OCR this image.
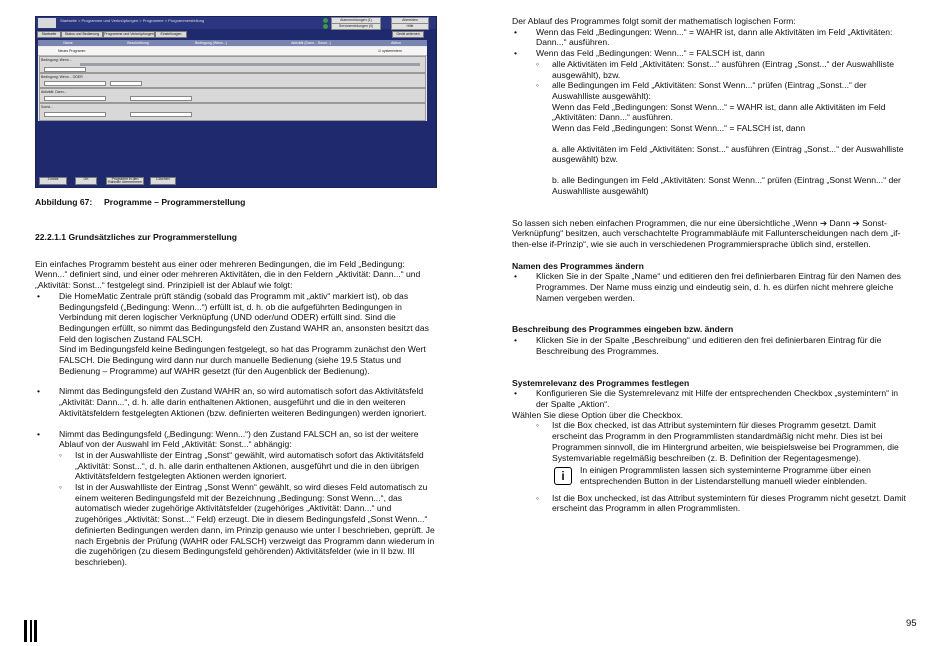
Startseite > Programme und Verknüpfungen > Programme > Programmerstellung	Alarmmeldungen (1)	Abmelden
Servicemeldungen (0)	Hilfe
Startseite	Status und Bedienung	Programme und Verknüpfungen	Einstellungen	Gerät anlernen
Name	Beschreibung	Bedingung (Wenn...)	Aktivität (Dann... Sonst...)	Aktion
Neues Programm	☑ systemintern
Bedingung: Wenn...
Bedingung: Wenn... ODER
Aktivität: Dann...
Sonst...
Zurück	OK	Programm in den Rahmen übernehmen
Löschen
Abbildung 67: Programme – Programmerstellung

22.2.1.1 Grundsätzliches zur Programmerstellung

Ein einfaches Programm besteht aus einer oder mehreren Bedingungen, die im Feld „Bedingung: Wenn...“ definiert sind, und einer oder mehreren Aktivitäten, die in den Feldern „Aktivität: Dann...“ und „Aktivität: Sonst...“ festgelegt sind. Prinzipiell ist der Ablauf wie folgt:

• Die HomeMatic Zentrale prüft ständig (sobald das Programm mit „aktiv“ markiert ist), ob das Bedingungsfeld („Bedingung: Wenn...“) erfüllt ist, d. h. ob die aufgeführten Bedingungen in Verbindung mit deren logischer Verknüpfung (UND oder/und ODER) erfüllt sind. Sind die Bedingungen erfüllt, so nimmt das Bedingungsfeld den Zustand WAHR an, ansonsten besitzt das Feld den logischen Zustand FALSCH.

Sind im Bedingungsfeld keine Bedingungen festgelegt, so hat das Programm zunächst den Wert FALSCH. Die Bedingung wird dann nur durch manuelle Bedienung (siehe 19.5 Status und Bedienung – Programme) auf WAHR gesetzt (für den Augenblick der Bedienung).

• Nimmt das Bedingungsfeld den Zustand WAHR an, so wird automatisch sofort das Aktivitätsfeld „Aktivität: Dann...“, d. h. alle darin enthaltenen Aktionen, ausgeführt und die in den weiteren Aktivitätsfeldern festgelegten Aktionen (bzw. definierten weiteren Bedingungen) werden ignoriert.

• Nimmt das Bedingungsfeld („Bedingung: Wenn...“) den Zustand FALSCH an, so ist der weitere Ablauf von der Auswahl im Feld „Aktivität: Sonst...“ abhängig:

◦ Ist in der Auswahlliste der Eintrag „Sonst“ gewählt, wird automatisch sofort das Aktivitätsfeld „Aktivität: Sonst...“, d. h. alle darin enthaltenen Aktionen, ausgeführt und die in den übrigen Aktivitätsfeldern festgelegten Aktionen werden ignoriert.

◦ Ist in der Auswahlliste der Eintrag „Sonst Wenn“ gewählt, so wird dieses Feld automatisch zu einem weiteren Bedingungsfeld mit der Bezeichnung „Bedingung: Sonst Wenn...“, das automatisch wieder zugehörige Aktivitätsfelder (zugehöriges „Aktivität: Dann...“ und zugehöriges „Aktivität: Sonst...“ Feld) erzeugt. Die in diesem Bedingungsfeld „Sonst Wenn...“ definierten Bedingungen werden dann, im Prinzip genauso wie unter I beschrieben, geprüft. Je nach Ergebnis der Prüfung (WAHR oder FALSCH) verzweigt das Programm dann wiederum in die zugehörigen (zu diesem Bedingungsfeld gehörenden) Aktivitätsfelder (wie in II bzw. III beschrieben).

Der Ablauf des Programmes folgt somit der mathematisch logischen Form:

• Wenn das Feld „Bedingungen: Wenn...“ = WAHR ist, dann alle Aktivitäten im Feld „Aktivitäten: Dann...“ ausführen.

• Wenn das Feld „Bedingungen: Wenn...“ = FALSCH ist, dann

◦ alle Aktivitäten im Feld „Aktivitäten: Sonst...“ ausführen (Eintrag „Sonst...“ der Auswahlliste ausgewählt), bzw.

◦ alle Bedingungen im Feld „Aktivitäten: Sonst Wenn...“ prüfen (Eintrag „Sonst...“ der Auswahlliste ausgewählt):

Wenn das Feld „Bedingungen: Sonst Wenn...“ = WAHR ist, dann alle Aktivitäten im Feld „Aktivitäten: Dann...“ ausführen.

Wenn das Feld „Bedingungen: Sonst Wenn...“ = FALSCH ist, dann

a. alle Aktivitäten im Feld „Aktivitäten: Sonst...“ ausführen (Eintrag „Sonst...“ der Auswahlliste ausgewählt) bzw.

b. alle Bedingungen im Feld „Aktivitäten: Sonst Wenn...“ prüfen (Eintrag „Sonst Wenn...“ der Auswahlliste ausgewählt)

So lassen sich neben einfachen Programmen, die nur eine übersichtliche „Wenn ➔ Dann ➔ Sonst-Verknüpfung“ besitzen, auch verschachtelte Programmabläufe mit Fallunterscheidungen nach dem „if-then-else if-Prinzip“, wie sie auch in verschiedenen Programmiersprache üblich sind, erstellen.

Namen des Programmes ändern

• Klicken Sie in der Spalte „Name“ und editieren den frei definierbaren Eintrag für den Namen des Programmes. Der Name muss einzig und eindeutig sein, d. h. es dürfen nicht mehrere gleiche Namen vergeben werden.

Beschreibung des Programmes eingeben bzw. ändern

• Klicken Sie in der Spalte „Beschreibung“ und editieren den frei definierbaren Eintrag für die Beschreibung des Programmes.

Systemrelevanz des Programmes festlegen

• Konfigurieren Sie die Systemrelevanz mit Hilfe der entsprechenden Checkbox „systemintern“ in der Spalte „Aktion“.

Wählen Sie diese Option über die Checkbox.

◦ Ist die Box checked, ist das Attribut systemintern für dieses Programm gesetzt. Damit erscheint das Programm in den Programmlisten standardmäßig nicht mehr. Dies ist bei Programmen sinnvoll, die im Hintergrund arbeiten, wie beispielsweise bei Programmen, die Systemvariable regelmäßig beschreiben (z. B. Definition der Regentagesmenge).

i	In einigen Programmlisten lassen sich systeminterne Programme über einen entsprechenden Button in der Listendarstellung manuell wieder einblenden.

◦ Ist die Box unchecked, ist das Attribut systemintern für dieses Programm nicht gesetzt. Damit erscheint das Programm in allen Programmlisten.

95
